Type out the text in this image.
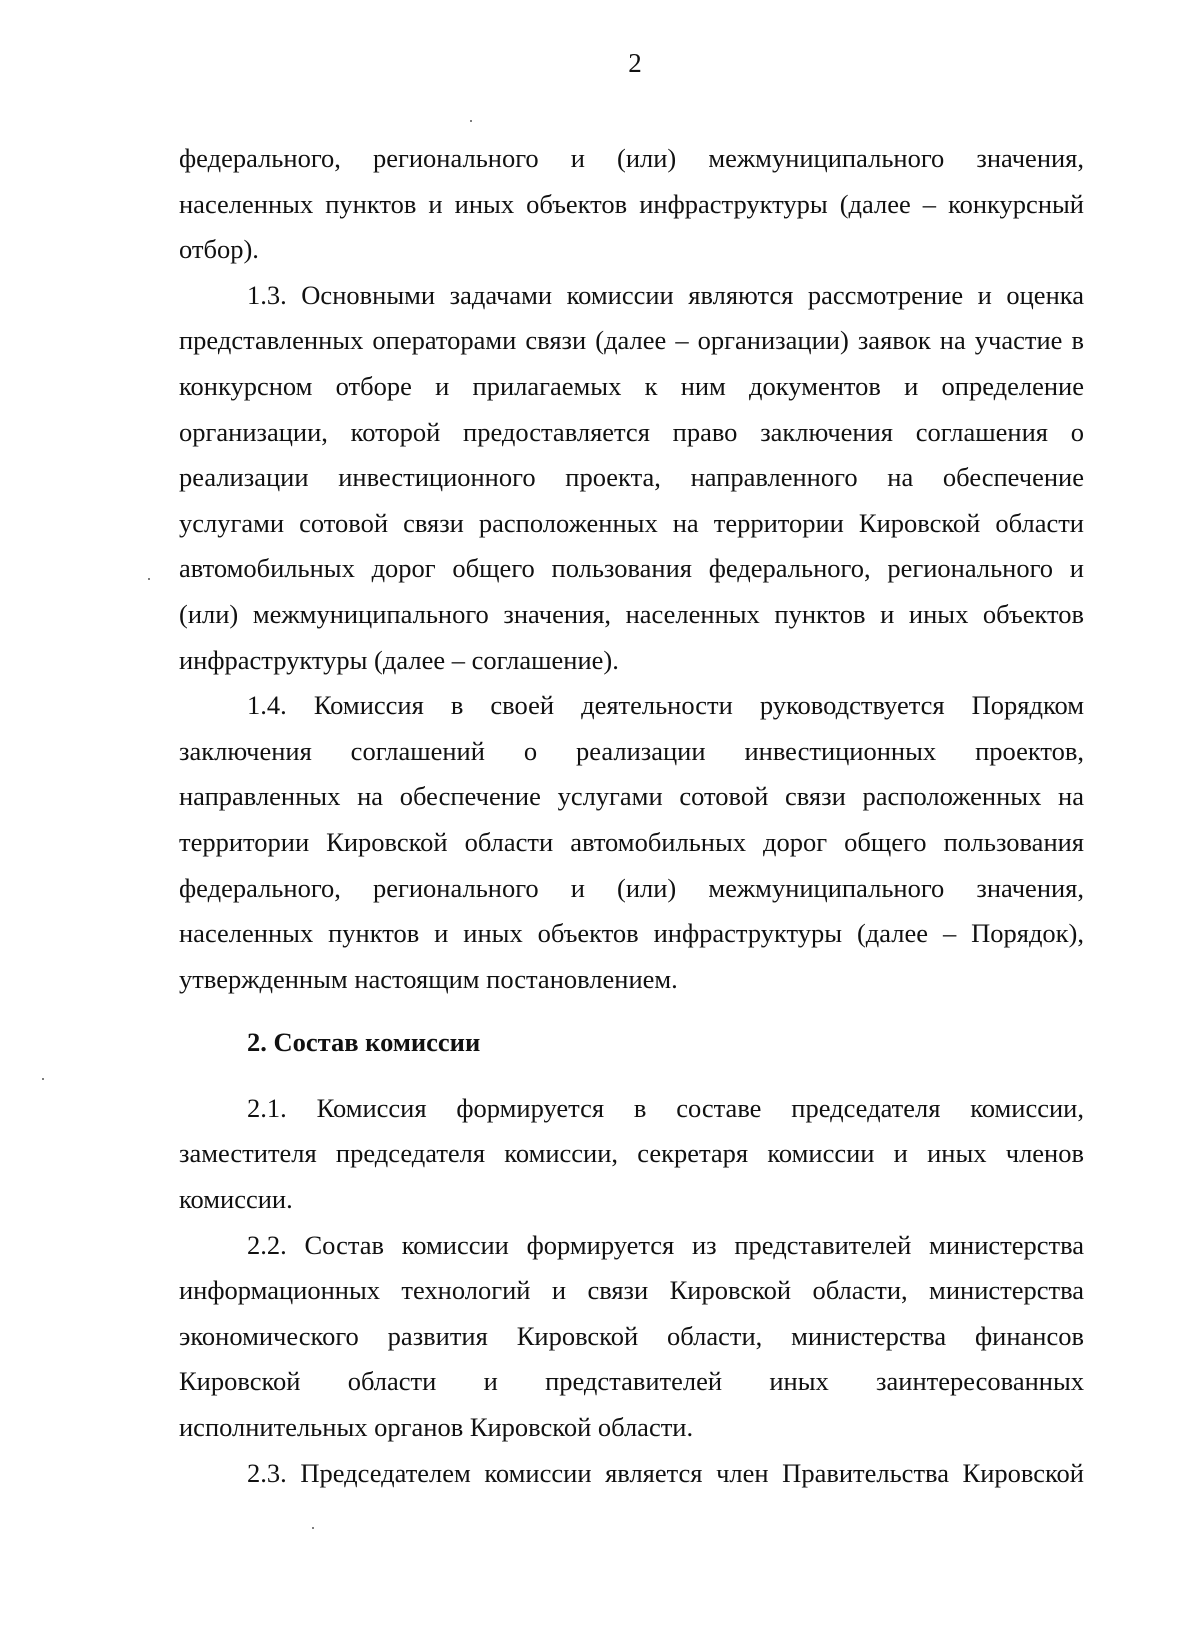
2
федерального, регионального и (или) межмуниципального значения,
населенных пунктов и иных объектов инфраструктуры (далее – конкурсный
отбор).
1.3. Основными задачами комиссии являются рассмотрение и оценка
представленных операторами связи (далее – организации) заявок на участие в
конкурсном отборе и прилагаемых к ним документов и определение
организации, которой предоставляется право заключения соглашения о
реализации инвестиционного проекта, направленного на обеспечение
услугами сотовой связи расположенных на территории Кировской области
автомобильных дорог общего пользования федерального, регионального и
(или) межмуниципального значения, населенных пунктов и иных объектов
инфраструктуры (далее – соглашение).
1.4. Комиссия в своей деятельности руководствуется Порядком
заключения соглашений о реализации инвестиционных проектов,
направленных на обеспечение услугами сотовой связи расположенных на
территории Кировской области автомобильных дорог общего пользования
федерального, регионального и (или) межмуниципального значения,
населенных пунктов и иных объектов инфраструктуры (далее – Порядок),
утвержденным настоящим постановлением.
2. Состав комиссии
2.1. Комиссия формируется в составе председателя комиссии,
заместителя председателя комиссии, секретаря комиссии и иных членов
комиссии.
2.2. Состав комиссии формируется из представителей министерства
информационных технологий и связи Кировской области, министерства
экономического развития Кировской области, министерства финансов
Кировской области и представителей иных заинтересованных
исполнительных органов Кировской области.
2.3. Председателем комиссии является член Правительства Кировской
